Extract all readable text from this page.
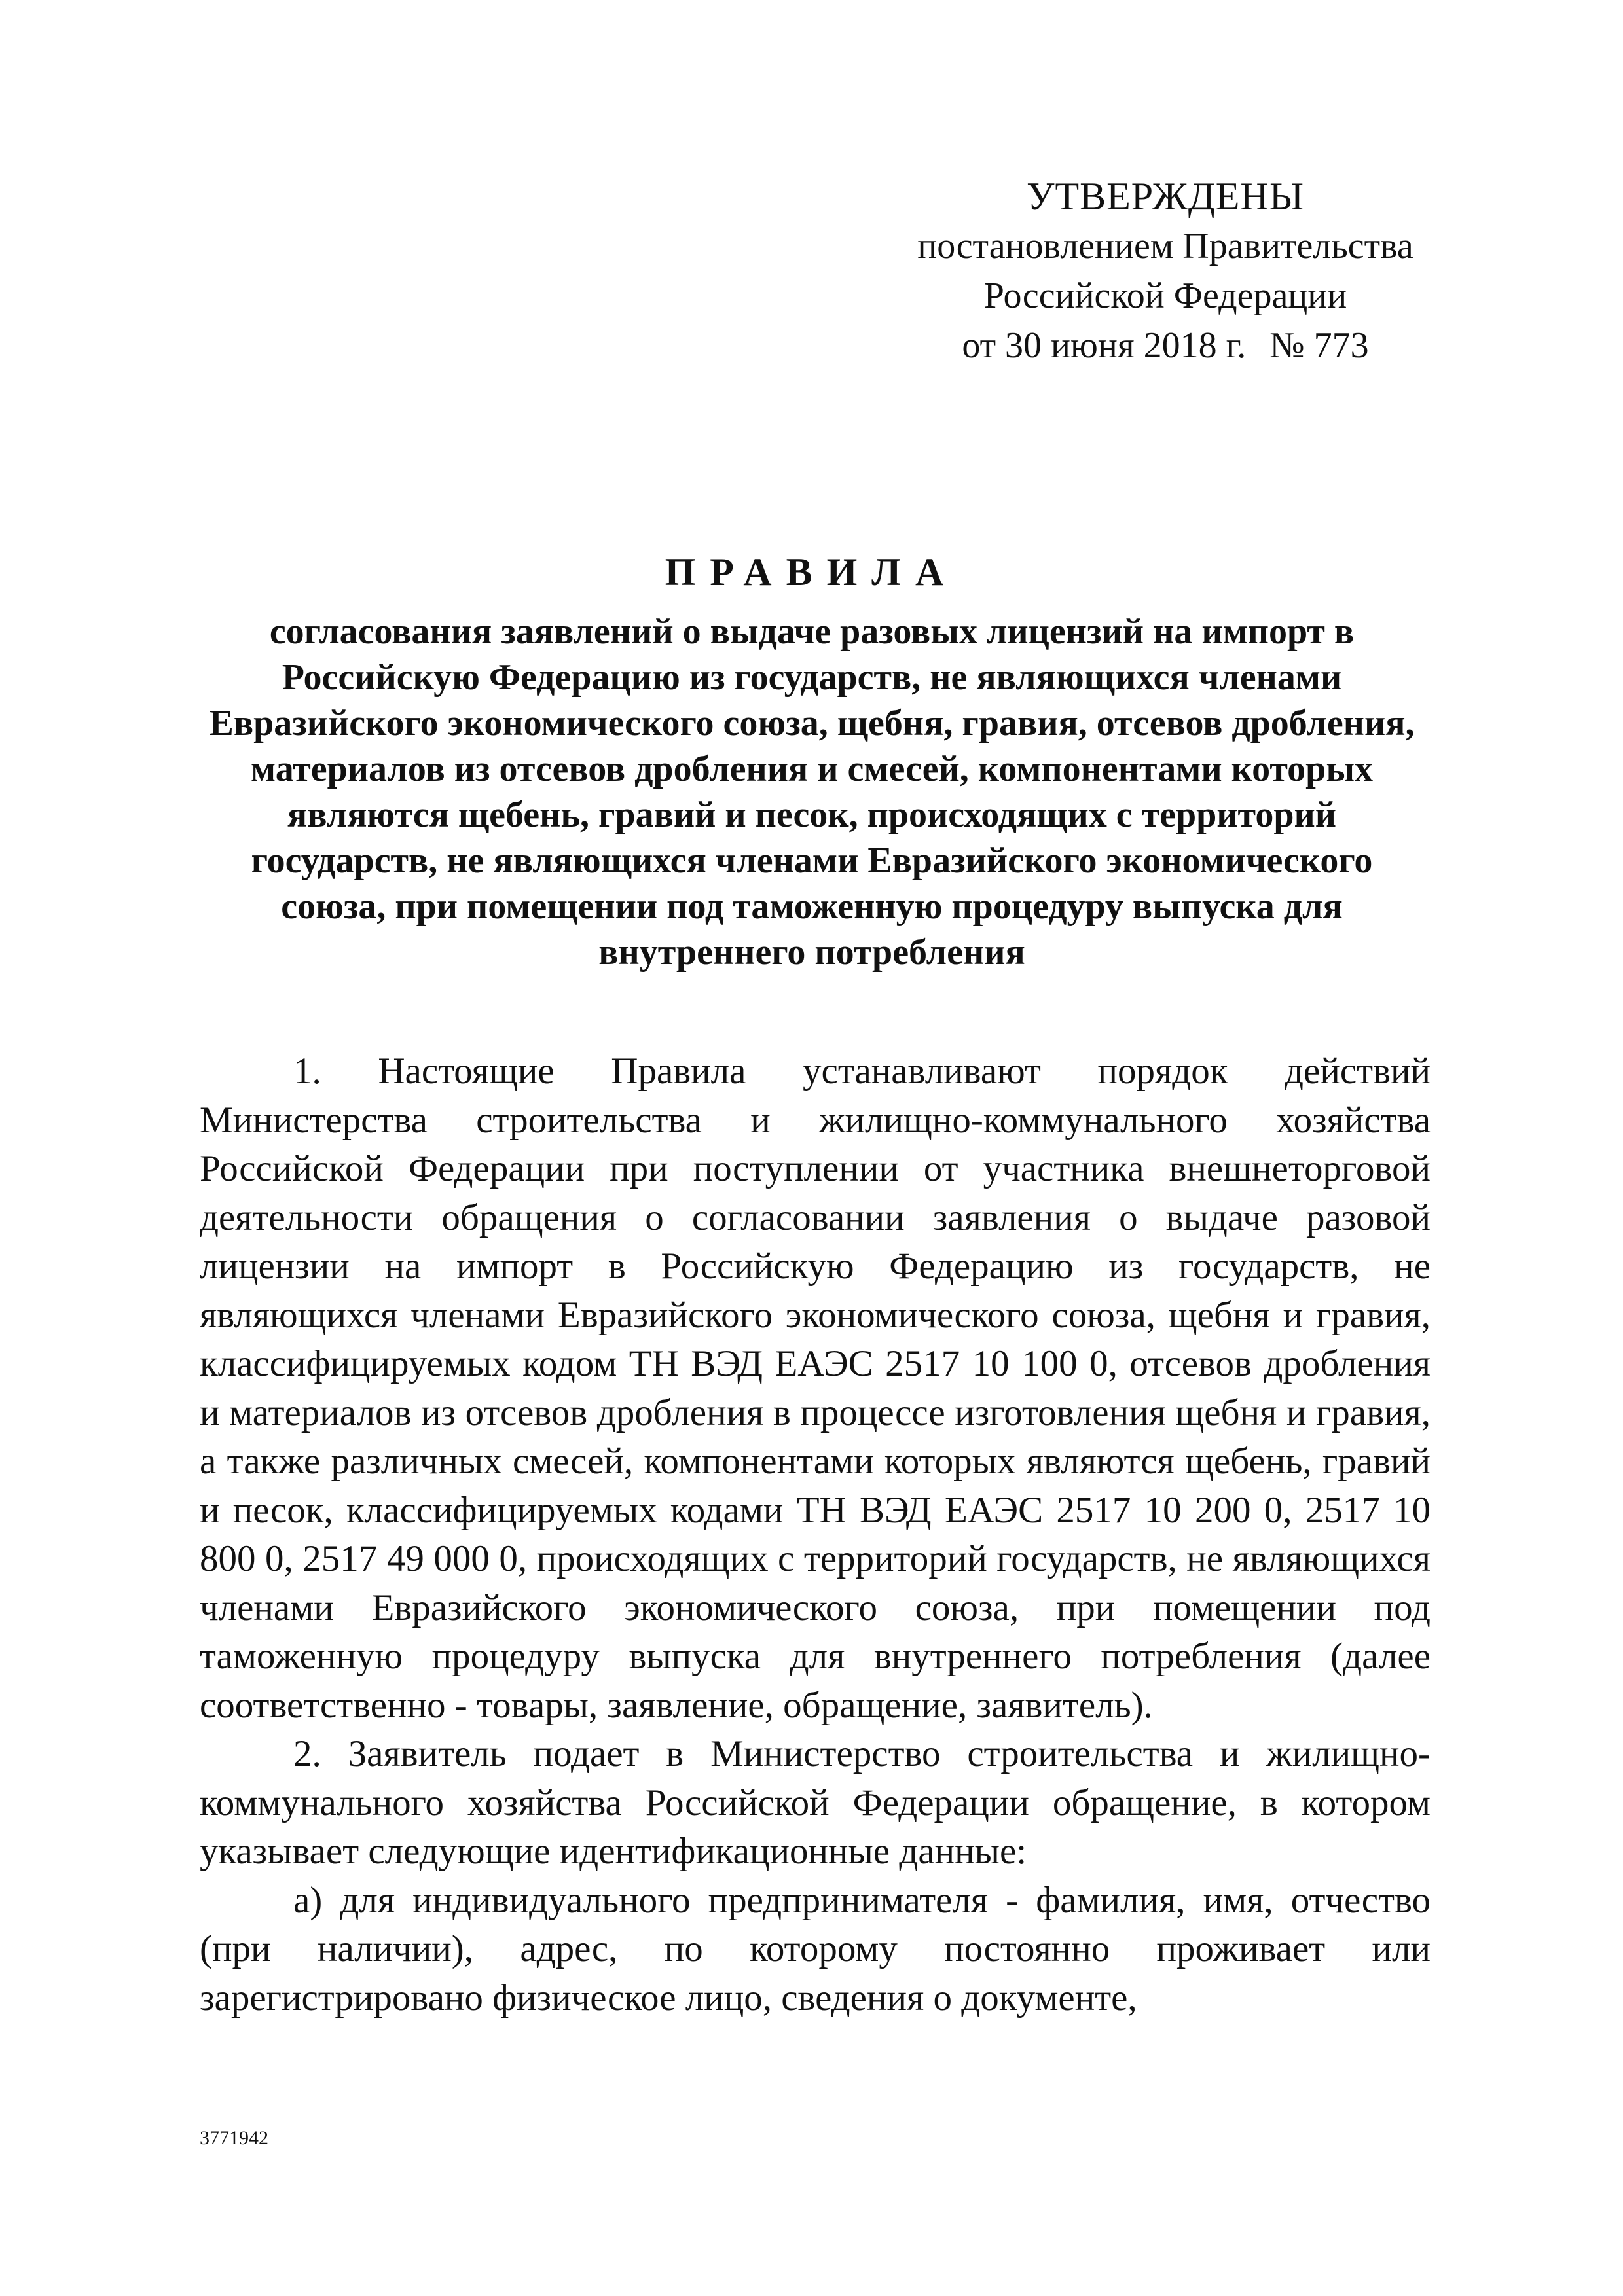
УТВЕРЖДЕНЫ
постановлением Правительства
Российской Федерации
от 30 июня 2018 г. № 773
ПРАВИЛА
согласования заявлений о выдаче разовых лицензий на импорт в Российскую Федерацию из государств, не являющихся членами Евразийского экономического союза, щебня, гравия, отсевов дробления, материалов из отсевов дробления и смесей, компонентами которых являются щебень, гравий и песок, происходящих с территорий государств, не являющихся членами Евразийского экономического союза, при помещении под таможенную процедуру выпуска для внутреннего потребления

1. Настоящие Правила устанавливают порядок действий Министерства строительства и жилищно-коммунального хозяйства Российской Федерации при поступлении от участника внешнеторговой деятельности обращения о согласовании заявления о выдаче разовой лицензии на импорт в Российскую Федерацию из государств, не являющихся членами Евразийского экономического союза, щебня и гравия, классифицируемых кодом ТН ВЭД ЕАЭС 2517 10 100 0, отсевов дробления и материалов из отсевов дробления в процессе изготовления щебня и гравия, а также различных смесей, компонентами которых являются щебень, гравий и песок, классифицируемых кодами ТН ВЭД ЕАЭС 2517 10 200 0, 2517 10 800 0, 2517 49 000 0, происходящих с территорий государств, не являющихся членами Евразийского экономического союза, при помещении под таможенную процедуру выпуска для внутреннего потребления (далее соответственно - товары, заявление, обращение, заявитель).

2. Заявитель подает в Министерство строительства и жилищно-коммунального хозяйства Российской Федерации обращение, в котором указывает следующие идентификационные данные:

а) для индивидуального предпринимателя - фамилия, имя, отчество (при наличии), адрес, по которому постоянно проживает или зарегистрировано физическое лицо, сведения о документе,

3771942
